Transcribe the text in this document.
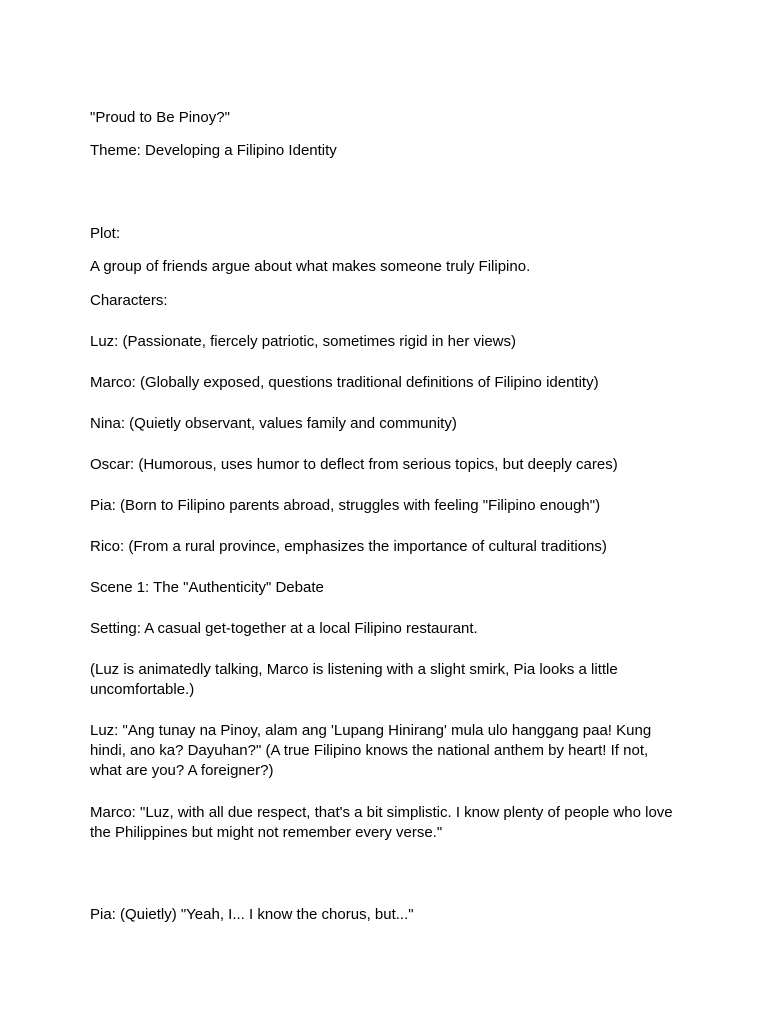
"Proud to Be Pinoy?"

Theme: Developing a Filipino Identity

Plot:

A group of friends argue about what makes someone truly Filipino.

Characters:

Luz: (Passionate, fiercely patriotic, sometimes rigid in her views)

Marco: (Globally exposed, questions traditional definitions of Filipino identity)

Nina: (Quietly observant, values family and community)

Oscar: (Humorous, uses humor to deflect from serious topics, but deeply cares)

Pia: (Born to Filipino parents abroad, struggles with feeling "Filipino enough")

Rico: (From a rural province, emphasizes the importance of cultural traditions)

Scene 1: The "Authenticity" Debate

Setting: A casual get-together at a local Filipino restaurant.

(Luz is animatedly talking, Marco is listening with a slight smirk, Pia looks a little uncomfortable.)

Luz: "Ang tunay na Pinoy, alam ang 'Lupang Hinirang' mula ulo hanggang paa! Kung hindi, ano ka? Dayuhan?" (A true Filipino knows the national anthem by heart! If not, what are you? A foreigner?)

Marco: "Luz, with all due respect, that's a bit simplistic. I know plenty of people who love the Philippines but might not remember every verse."

Pia: (Quietly) "Yeah, I... I know the chorus, but..."
